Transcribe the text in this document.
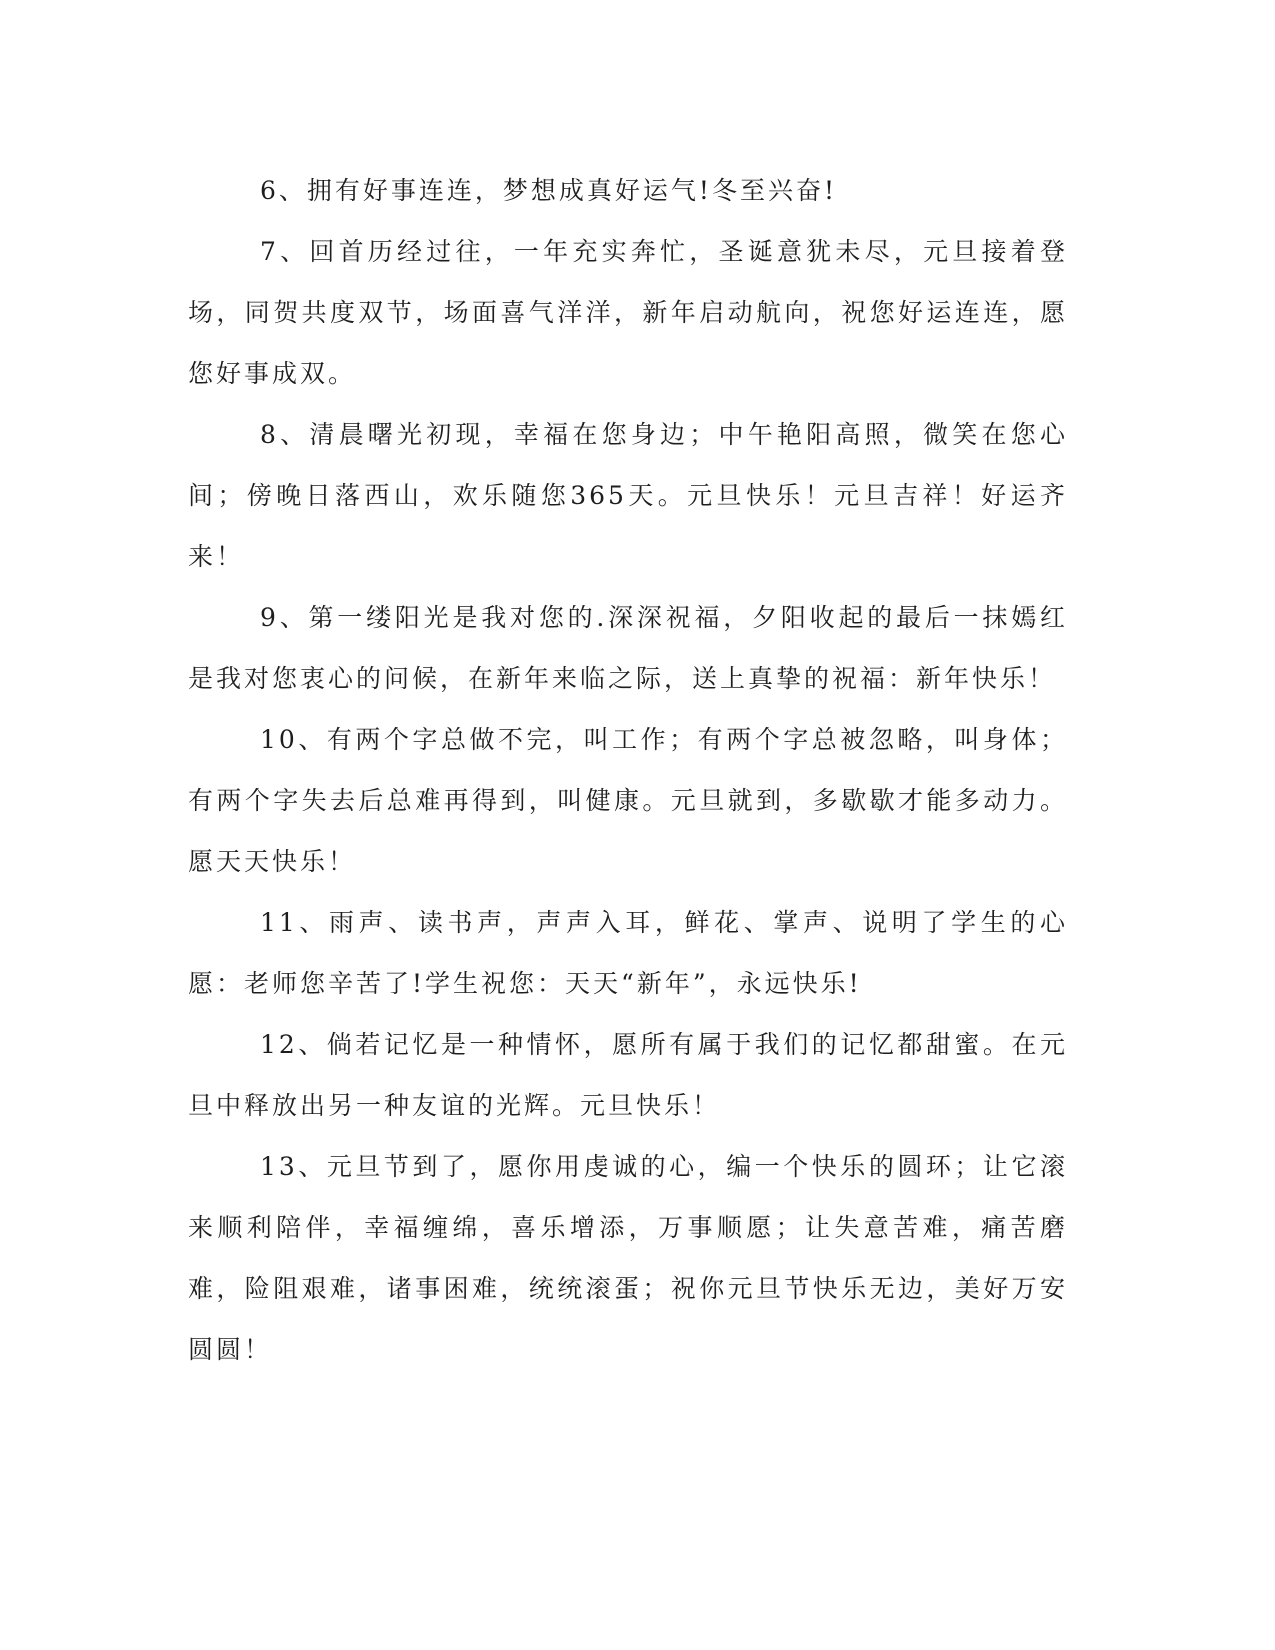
6、拥有好事连连，梦想成真好运气!冬至兴奋!

7、回首历经过往，一年充实奔忙，圣诞意犹未尽，元旦接着登场，同贺共度双节，场面喜气洋洋，新年启动航向，祝您好运连连，愿您好事成双。

8、清晨曙光初现，幸福在您身边；中午艳阳高照，微笑在您心间；傍晚日落西山，欢乐随您365天。元旦快乐！元旦吉祥！好运齐来！

9、第一缕阳光是我对您的.深深祝福，夕阳收起的最后一抹嫣红是我对您衷心的问候，在新年来临之际，送上真挚的祝福：新年快乐！

10、有两个字总做不完，叫工作；有两个字总被忽略，叫身体；有两个字失去后总难再得到，叫健康。元旦就到，多歇歇才能多动力。愿天天快乐！

11、雨声、读书声，声声入耳，鲜花、掌声、说明了学生的心愿：老师您辛苦了!学生祝您：天天“新年”，永远快乐!

12、倘若记忆是一种情怀，愿所有属于我们的记忆都甜蜜。在元旦中释放出另一种友谊的光辉。元旦快乐！

13、元旦节到了，愿你用虔诚的心，编一个快乐的圆环；让它滚来顺利陪伴，幸福缠绵，喜乐增添，万事顺愿；让失意苦难，痛苦磨难，险阻艰难，诸事困难，统统滚蛋；祝你元旦节快乐无边，美好万安圆圆！
